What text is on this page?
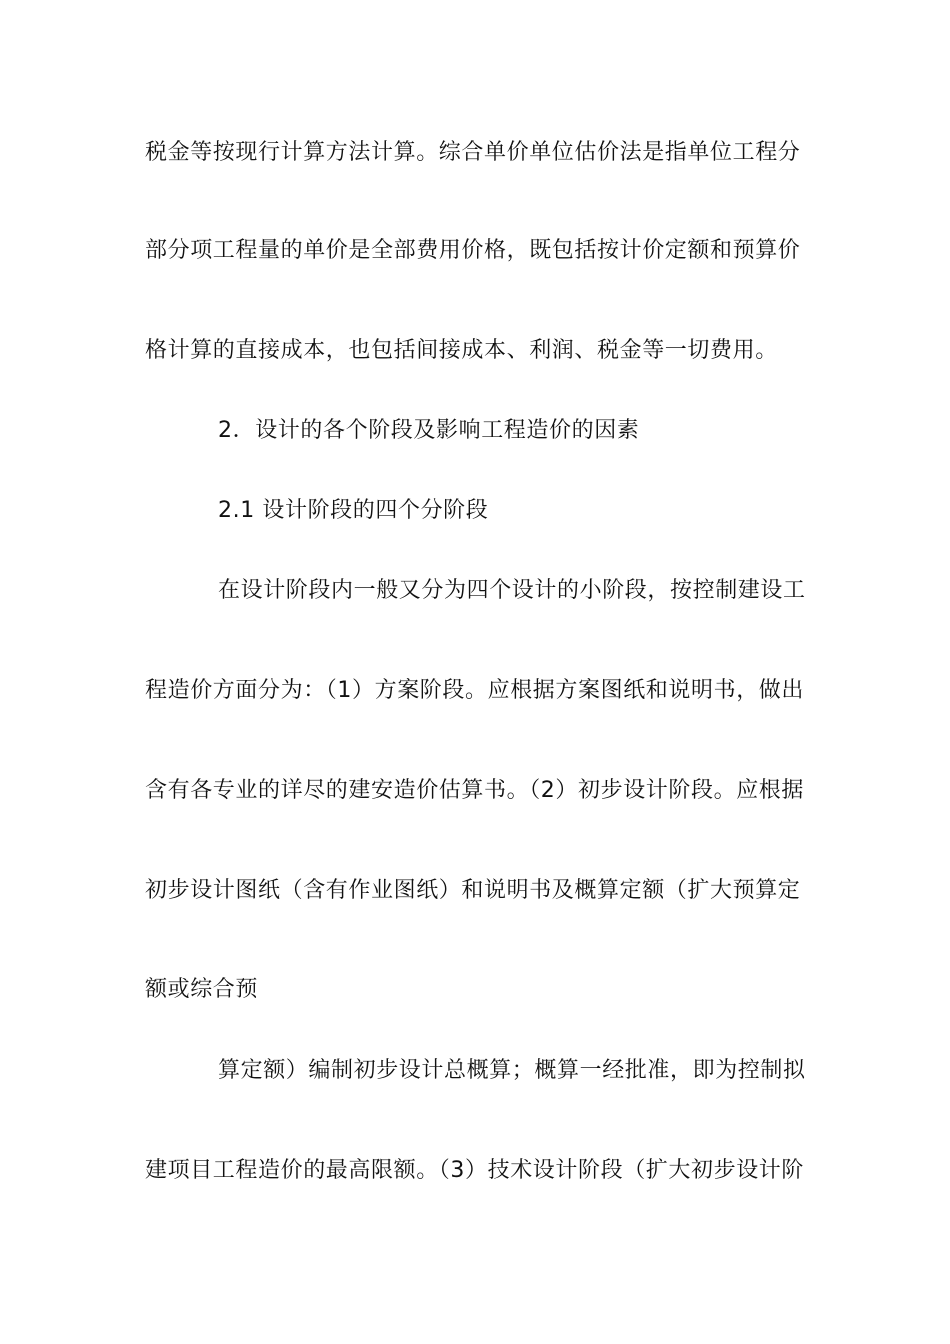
税金等按现行计算方法计算。综合单价单位估价法是指单位工程分
部分项工程量的单价是全部费用价格，既包括按计价定额和预算价
格计算的直接成本，也包括间接成本、利润、税金等一切费用。
2．设计的各个阶段及影响工程造价的因素
2.1 设计阶段的四个分阶段
在设计阶段内一般又分为四个设计的小阶段，按控制建设工
程造价方面分为：（1）方案阶段。应根据方案图纸和说明书，做出
含有各专业的详尽的建安造价估算书。（2）初步设计阶段。应根据
初步设计图纸（含有作业图纸）和说明书及概算定额（扩大预算定
额或综合预
算定额）编制初步设计总概算；概算一经批准，即为控制拟
建项目工程造价的最高限额。（3）技术设计阶段（扩大初步设计阶
